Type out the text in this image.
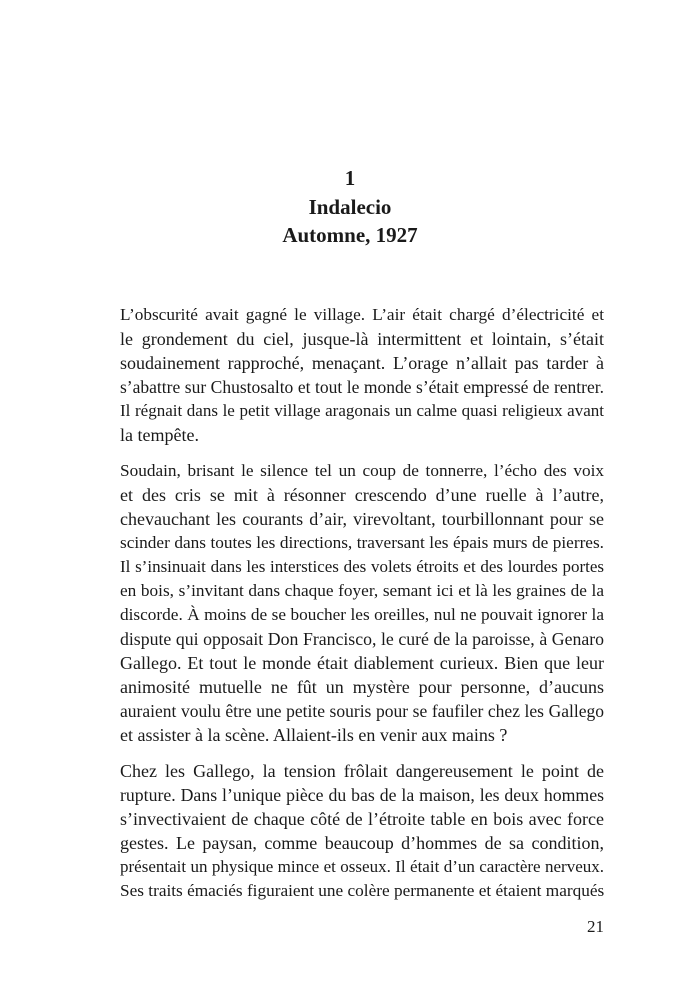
1
Indalecio
Automne, 1927

L’obscurité avait gagné le village. L’air était chargé d’électricité et
le grondement du ciel, jusque-là intermittent et lointain, s’était
soudainement rapproché, menaçant. L’orage n’allait pas tarder à
s’abattre sur Chustosalto et tout le monde s’était empressé de rentrer.
Il régnait dans le petit village aragonais un calme quasi religieux avant
la tempête.

Soudain, brisant le silence tel un coup de tonnerre, l’écho des voix
et des cris se mit à résonner crescendo d’une ruelle à l’autre,
chevauchant les courants d’air, virevoltant, tourbillonnant pour se
scinder dans toutes les directions, traversant les épais murs de pierres.
Il s’insinuait dans les interstices des volets étroits et des lourdes portes
en bois, s’invitant dans chaque foyer, semant ici et là les graines de la
discorde. À moins de se boucher les oreilles, nul ne pouvait ignorer la
dispute qui opposait Don Francisco, le curé de la paroisse, à Genaro
Gallego. Et tout le monde était diablement curieux. Bien que leur
animosité mutuelle ne fût un mystère pour personne, d’aucuns
auraient voulu être une petite souris pour se faufiler chez les Gallego
et assister à la scène. Allaient-ils en venir aux mains ?

Chez les Gallego, la tension frôlait dangereusement le point de
rupture. Dans l’unique pièce du bas de la maison, les deux hommes
s’invectivaient de chaque côté de l’étroite table en bois avec force
gestes. Le paysan, comme beaucoup d’hommes de sa condition,
présentait un physique mince et osseux. Il était d’un caractère nerveux.
Ses traits émaciés figuraient une colère permanente et étaient marqués

21
